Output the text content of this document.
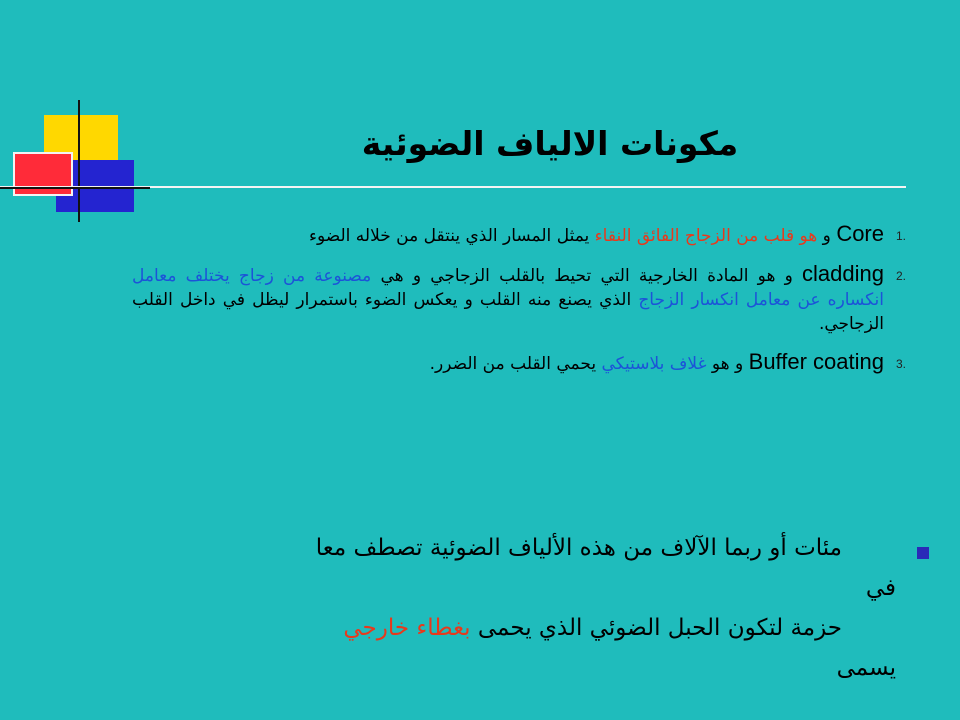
مكونات الالياف الضوئية
.1
Core و هو قلب من الزجاج الفائق النقاء يمثل المسار الذي ينتقل من خلاله الضوء
.2
cladding و هو المادة الخارجية التي تحيط بالقلب الزجاجي و هي مصنوعة من زجاج يختلف معامل انكساره عن معامل انكسار الزجاج الذي يصنع منه القلب و يعكس الضوء باستمرار ليظل في داخل القلب الزجاجي.
.3
Buffer coating و هو غلاف بلاستيكي يحمي القلب من الضرر.

مئات أو ربما الآلاف من هذه الألياف الضوئية تصطف معا
في
حزمة لتكون الحبل الضوئي الذي يحمى بغطاء خارجي
يسمى
